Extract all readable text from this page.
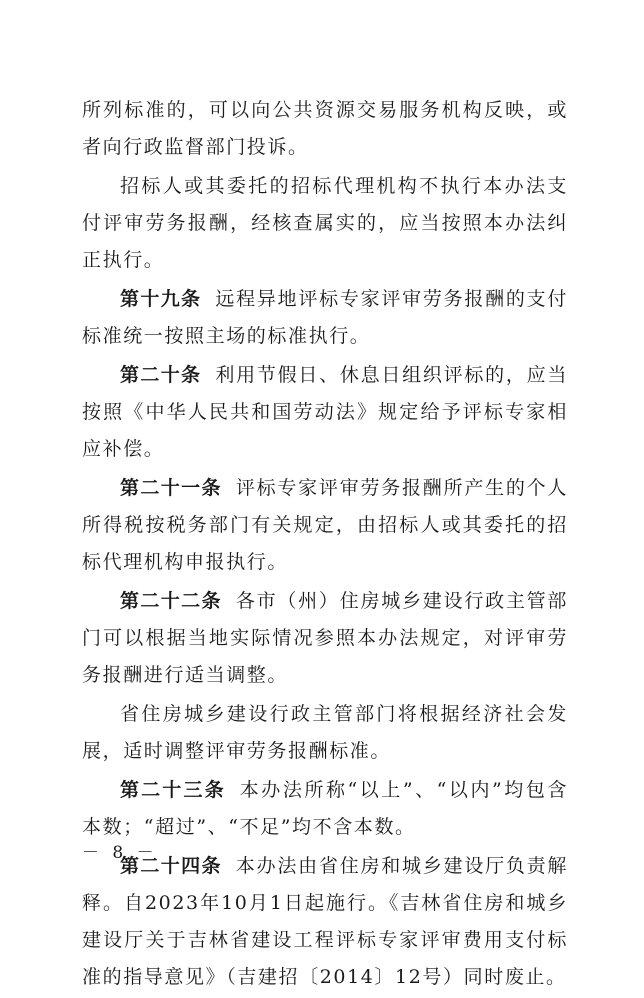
所列标准的，可以向公共资源交易服务机构反映，或者向行政监督部门投诉。

招标人或其委托的招标代理机构不执行本办法支付评审劳务报酬，经核查属实的，应当按照本办法纠正执行。

第十九条 远程异地评标专家评审劳务报酬的支付标准统一按照主场的标准执行。

第二十条 利用节假日、休息日组织评标的，应当按照《中华人民共和国劳动法》规定给予评标专家相应补偿。

第二十一条 评标专家评审劳务报酬所产生的个人所得税按税务部门有关规定，由招标人或其委托的招标代理机构申报执行。

第二十二条 各市（州）住房城乡建设行政主管部门可以根据当地实际情况参照本办法规定，对评审劳务报酬进行适当调整。

省住房城乡建设行政主管部门将根据经济社会发展，适时调整评审劳务报酬标准。

第二十三条 本办法所称“以上”、“以内”均包含本数；“超过”、“不足”均不含本数。

第二十四条 本办法由省住房和城乡建设厅负责解释。自2023年10月1日起施行。《吉林省住房和城乡建设厅关于吉林省建设工程评标专家评审费用支付标准的指导意见》（吉建招〔2014〕12号）同时废止。

－ 8 －
